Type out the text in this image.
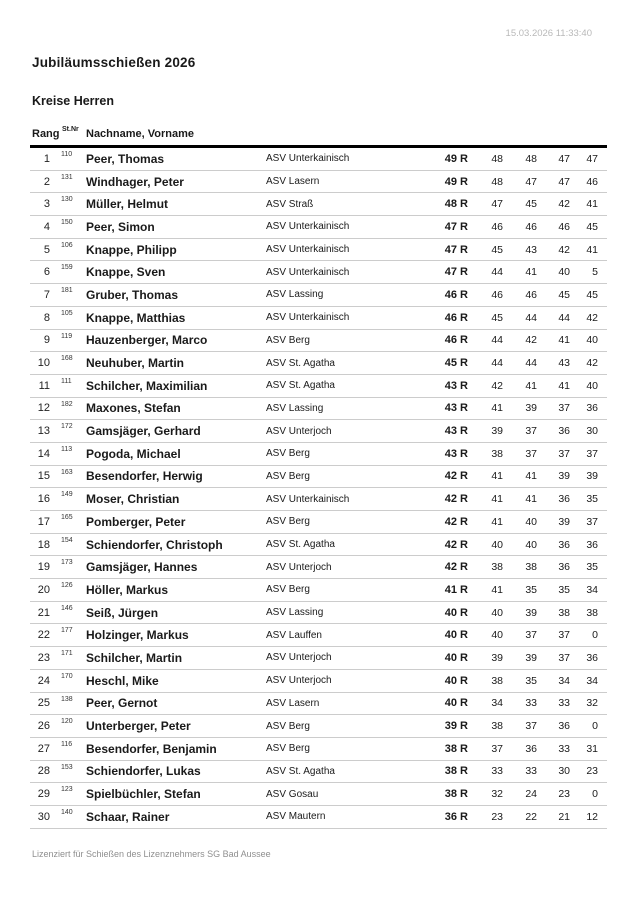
15.03.2026 11:33:40
Jubiläumsschießen 2026
Kreise Herren
Rang St.Nr Nachname, Vorname
1	110	Peer, Thomas	ASV Unterkainisch	49 R	48	48	47	47
2	131	Windhager, Peter	ASV Lasern	49 R	48	47	47	46
3	130	Müller, Helmut	ASV Straß	48 R	47	45	42	41
4	150	Peer, Simon	ASV Unterkainisch	47 R	46	46	46	45
5	106	Knappe, Philipp	ASV Unterkainisch	47 R	45	43	42	41
6	159	Knappe, Sven	ASV Unterkainisch	47 R	44	41	40	5
7	181	Gruber, Thomas	ASV Lassing	46 R	46	46	45	45
8	105	Knappe, Matthias	ASV Unterkainisch	46 R	45	44	44	42
9	119	Hauzenberger, Marco	ASV Berg	46 R	44	42	41	40
10	168	Neuhuber, Martin	ASV St. Agatha	45 R	44	44	43	42
11	111	Schilcher, Maximilian	ASV St. Agatha	43 R	42	41	41	40
12	182	Maxones, Stefan	ASV Lassing	43 R	41	39	37	36
13	172	Gamsjäger, Gerhard	ASV Unterjoch	43 R	39	37	36	30
14	113	Pogoda, Michael	ASV Berg	43 R	38	37	37	37
15	163	Besendorfer, Herwig	ASV Berg	42 R	41	41	39	39
16	149	Moser, Christian	ASV Unterkainisch	42 R	41	41	36	35
17	165	Pomberger, Peter	ASV Berg	42 R	41	40	39	37
18	154	Schiendorfer, Christoph	ASV St. Agatha	42 R	40	40	36	36
19	173	Gamsjäger, Hannes	ASV Unterjoch	42 R	38	38	36	35
20	126	Höller, Markus	ASV Berg	41 R	41	35	35	34
21	146	Seiß, Jürgen	ASV Lassing	40 R	40	39	38	38
22	177	Holzinger, Markus	ASV Lauffen	40 R	40	37	37	0
23	171	Schilcher, Martin	ASV Unterjoch	40 R	39	39	37	36
24	170	Heschl, Mike	ASV Unterjoch	40 R	38	35	34	34
25	138	Peer, Gernot	ASV Lasern	40 R	34	33	33	32
26	120	Unterberger, Peter	ASV Berg	39 R	38	37	36	0
27	116	Besendorfer, Benjamin	ASV Berg	38 R	37	36	33	31
28	153	Schiendorfer, Lukas	ASV St. Agatha	38 R	33	33	30	23
29	123	Spielbüchler, Stefan	ASV Gosau	38 R	32	24	23	0
30	140	Schaar, Rainer	ASV Mautern	36 R	23	22	21	12
Lizenziert für Schießen des Lizenznehmers SG Bad Aussee
